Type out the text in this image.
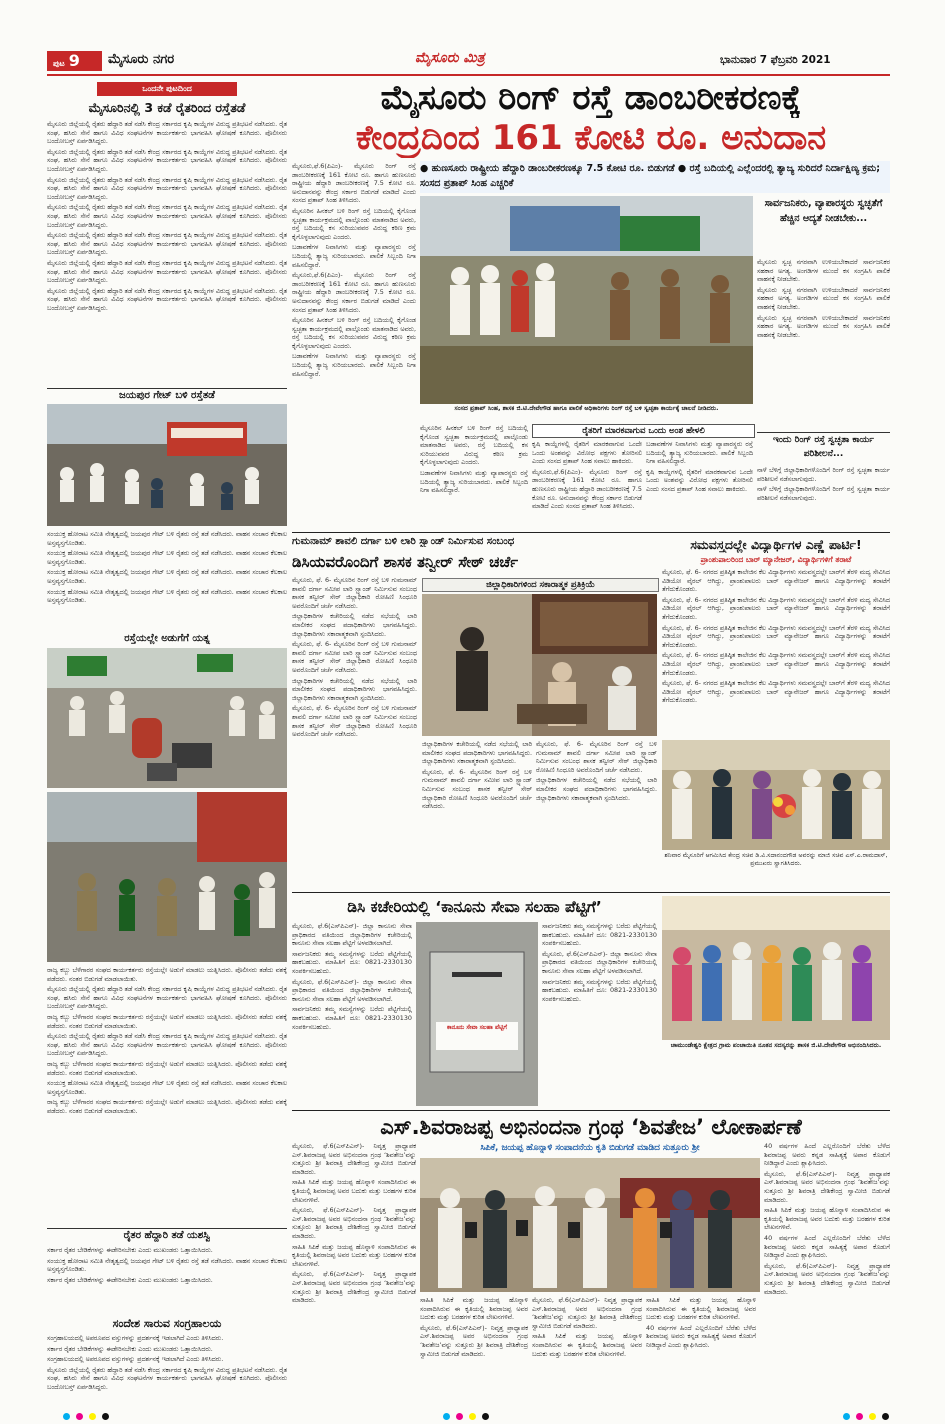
ಪುಟ 9	ಮೈಸೂರು ನಗರ	ಮೈಸೂರು ಮಿತ್ರ	ಭಾನುವಾರ 7 ಫೆಬ್ರವರಿ 2021
ಒಂದನೇ ಪುಟದಿಂದ
ಮೈಸೂರಿನಲ್ಲಿ 3 ಕಡೆ ರೈತರಿಂದ ರಸ್ತೆತಡೆ

ಮೈಸೂರು ಜಿಲ್ಲೆಯಲ್ಲಿ ರೈತರು ಹೆದ್ದಾರಿ ತಡೆ ನಡೆಸಿ ಕೇಂದ್ರ ಸರ್ಕಾರದ ಕೃಷಿ ಕಾಯ್ದೆಗಳ ವಿರುದ್ಧ ಪ್ರತಿಭಟನೆ ನಡೆಸಿದರು. ರೈತ ಸಂಘ, ಹಸಿರು ಸೇನೆ ಹಾಗೂ ವಿವಿಧ ಸಂಘಟನೆಗಳ ಕಾರ್ಯಕರ್ತರು ಭಾಗವಹಿಸಿ ಘೋಷಣೆ ಕೂಗಿದರು. ಪೊಲೀಸರು ಬಂದೋಬಸ್ತ್ ಏರ್ಪಡಿಸಿದ್ದರು.

ಮೈಸೂರು ಜಿಲ್ಲೆಯಲ್ಲಿ ರೈತರು ಹೆದ್ದಾರಿ ತಡೆ ನಡೆಸಿ ಕೇಂದ್ರ ಸರ್ಕಾರದ ಕೃಷಿ ಕಾಯ್ದೆಗಳ ವಿರುದ್ಧ ಪ್ರತಿಭಟನೆ ನಡೆಸಿದರು. ರೈತ ಸಂಘ, ಹಸಿರು ಸೇನೆ ಹಾಗೂ ವಿವಿಧ ಸಂಘಟನೆಗಳ ಕಾರ್ಯಕರ್ತರು ಭಾಗವಹಿಸಿ ಘೋಷಣೆ ಕೂಗಿದರು. ಪೊಲೀಸರು ಬಂದೋಬಸ್ತ್ ಏರ್ಪಡಿಸಿದ್ದರು.

ಮೈಸೂರು ಜಿಲ್ಲೆಯಲ್ಲಿ ರೈತರು ಹೆದ್ದಾರಿ ತಡೆ ನಡೆಸಿ ಕೇಂದ್ರ ಸರ್ಕಾರದ ಕೃಷಿ ಕಾಯ್ದೆಗಳ ವಿರುದ್ಧ ಪ್ರತಿಭಟನೆ ನಡೆಸಿದರು. ರೈತ ಸಂಘ, ಹಸಿರು ಸೇನೆ ಹಾಗೂ ವಿವಿಧ ಸಂಘಟನೆಗಳ ಕಾರ್ಯಕರ್ತರು ಭಾಗವಹಿಸಿ ಘೋಷಣೆ ಕೂಗಿದರು. ಪೊಲೀಸರು ಬಂದೋಬಸ್ತ್ ಏರ್ಪಡಿಸಿದ್ದರು.

ಮೈಸೂರು ಜಿಲ್ಲೆಯಲ್ಲಿ ರೈತರು ಹೆದ್ದಾರಿ ತಡೆ ನಡೆಸಿ ಕೇಂದ್ರ ಸರ್ಕಾರದ ಕೃಷಿ ಕಾಯ್ದೆಗಳ ವಿರುದ್ಧ ಪ್ರತಿಭಟನೆ ನಡೆಸಿದರು. ರೈತ ಸಂಘ, ಹಸಿರು ಸೇನೆ ಹಾಗೂ ವಿವಿಧ ಸಂಘಟನೆಗಳ ಕಾರ್ಯಕರ್ತರು ಭಾಗವಹಿಸಿ ಘೋಷಣೆ ಕೂಗಿದರು. ಪೊಲೀಸರು ಬಂದೋಬಸ್ತ್ ಏರ್ಪಡಿಸಿದ್ದರು.

ಮೈಸೂರು ಜಿಲ್ಲೆಯಲ್ಲಿ ರೈತರು ಹೆದ್ದಾರಿ ತಡೆ ನಡೆಸಿ ಕೇಂದ್ರ ಸರ್ಕಾರದ ಕೃಷಿ ಕಾಯ್ದೆಗಳ ವಿರುದ್ಧ ಪ್ರತಿಭಟನೆ ನಡೆಸಿದರು. ರೈತ ಸಂಘ, ಹಸಿರು ಸೇನೆ ಹಾಗೂ ವಿವಿಧ ಸಂಘಟನೆಗಳ ಕಾರ್ಯಕರ್ತರು ಭಾಗವಹಿಸಿ ಘೋಷಣೆ ಕೂಗಿದರು. ಪೊಲೀಸರು ಬಂದೋಬಸ್ತ್ ಏರ್ಪಡಿಸಿದ್ದರು.

ಮೈಸೂರು ಜಿಲ್ಲೆಯಲ್ಲಿ ರೈತರು ಹೆದ್ದಾರಿ ತಡೆ ನಡೆಸಿ ಕೇಂದ್ರ ಸರ್ಕಾರದ ಕೃಷಿ ಕಾಯ್ದೆಗಳ ವಿರುದ್ಧ ಪ್ರತಿಭಟನೆ ನಡೆಸಿದರು. ರೈತ ಸಂಘ, ಹಸಿರು ಸೇನೆ ಹಾಗೂ ವಿವಿಧ ಸಂಘಟನೆಗಳ ಕಾರ್ಯಕರ್ತರು ಭಾಗವಹಿಸಿ ಘೋಷಣೆ ಕೂಗಿದರು. ಪೊಲೀಸರು ಬಂದೋಬಸ್ತ್ ಏರ್ಪಡಿಸಿದ್ದರು.

ಮೈಸೂರು ಜಿಲ್ಲೆಯಲ್ಲಿ ರೈತರು ಹೆದ್ದಾರಿ ತಡೆ ನಡೆಸಿ ಕೇಂದ್ರ ಸರ್ಕಾರದ ಕೃಷಿ ಕಾಯ್ದೆಗಳ ವಿರುದ್ಧ ಪ್ರತಿಭಟನೆ ನಡೆಸಿದರು. ರೈತ ಸಂಘ, ಹಸಿರು ಸೇನೆ ಹಾಗೂ ವಿವಿಧ ಸಂಘಟನೆಗಳ ಕಾರ್ಯಕರ್ತರು ಭಾಗವಹಿಸಿ ಘೋಷಣೆ ಕೂಗಿದರು. ಪೊಲೀಸರು ಬಂದೋಬಸ್ತ್ ಏರ್ಪಡಿಸಿದ್ದರು.

ಜಯಪುರ ಗೇಟ್ ಬಳಿ ರಸ್ತೆತಡೆ

ಸಂಯುಕ್ತ ಹೋರಾಟ ಸಮಿತಿ ನೇತೃತ್ವದಲ್ಲಿ ಜಯಪುರ ಗೇಟ್ ಬಳಿ ರೈತರು ರಸ್ತೆ ತಡೆ ನಡೆಸಿದರು. ವಾಹನ ಸಂಚಾರ ಕೆಲಕಾಲ ಅಸ್ತವ್ಯಸ್ತಗೊಂಡಿತು.

ಸಂಯುಕ್ತ ಹೋರಾಟ ಸಮಿತಿ ನೇತೃತ್ವದಲ್ಲಿ ಜಯಪುರ ಗೇಟ್ ಬಳಿ ರೈತರು ರಸ್ತೆ ತಡೆ ನಡೆಸಿದರು. ವಾಹನ ಸಂಚಾರ ಕೆಲಕಾಲ ಅಸ್ತವ್ಯಸ್ತಗೊಂಡಿತು.

ಸಂಯುಕ್ತ ಹೋರಾಟ ಸಮಿತಿ ನೇತೃತ್ವದಲ್ಲಿ ಜಯಪುರ ಗೇಟ್ ಬಳಿ ರೈತರು ರಸ್ತೆ ತಡೆ ನಡೆಸಿದರು. ವಾಹನ ಸಂಚಾರ ಕೆಲಕಾಲ ಅಸ್ತವ್ಯಸ್ತಗೊಂಡಿತು.

ಸಂಯುಕ್ತ ಹೋರಾಟ ಸಮಿತಿ ನೇತೃತ್ವದಲ್ಲಿ ಜಯಪುರ ಗೇಟ್ ಬಳಿ ರೈತರು ರಸ್ತೆ ತಡೆ ನಡೆಸಿದರು. ವಾಹನ ಸಂಚಾರ ಕೆಲಕಾಲ ಅಸ್ತವ್ಯಸ್ತಗೊಂಡಿತು.

ರಸ್ತೆಯಲ್ಲೇ ಅಡುಗೆಗೆ ಯತ್ನ

ರಾಜ್ಯ ಕಬ್ಬು ಬೆಳೆಗಾರರ ಸಂಘದ ಕಾರ್ಯಕರ್ತರು ರಸ್ತೆಯಲ್ಲೇ ಅಡುಗೆ ಮಾಡಲು ಯತ್ನಿಸಿದರು. ಪೊಲೀಸರು ತಡೆದು ವಶಕ್ಕೆ ಪಡೆದರು. ನಂತರ ಬಿಡುಗಡೆ ಮಾಡಲಾಯಿತು.

ಮೈಸೂರು ಜಿಲ್ಲೆಯಲ್ಲಿ ರೈತರು ಹೆದ್ದಾರಿ ತಡೆ ನಡೆಸಿ ಕೇಂದ್ರ ಸರ್ಕಾರದ ಕೃಷಿ ಕಾಯ್ದೆಗಳ ವಿರುದ್ಧ ಪ್ರತಿಭಟನೆ ನಡೆಸಿದರು. ರೈತ ಸಂಘ, ಹಸಿರು ಸೇನೆ ಹಾಗೂ ವಿವಿಧ ಸಂಘಟನೆಗಳ ಕಾರ್ಯಕರ್ತರು ಭಾಗವಹಿಸಿ ಘೋಷಣೆ ಕೂಗಿದರು. ಪೊಲೀಸರು ಬಂದೋಬಸ್ತ್ ಏರ್ಪಡಿಸಿದ್ದರು.

ರಾಜ್ಯ ಕಬ್ಬು ಬೆಳೆಗಾರರ ಸಂಘದ ಕಾರ್ಯಕರ್ತರು ರಸ್ತೆಯಲ್ಲೇ ಅಡುಗೆ ಮಾಡಲು ಯತ್ನಿಸಿದರು. ಪೊಲೀಸರು ತಡೆದು ವಶಕ್ಕೆ ಪಡೆದರು. ನಂತರ ಬಿಡುಗಡೆ ಮಾಡಲಾಯಿತು.

ಮೈಸೂರು ಜಿಲ್ಲೆಯಲ್ಲಿ ರೈತರು ಹೆದ್ದಾರಿ ತಡೆ ನಡೆಸಿ ಕೇಂದ್ರ ಸರ್ಕಾರದ ಕೃಷಿ ಕಾಯ್ದೆಗಳ ವಿರುದ್ಧ ಪ್ರತಿಭಟನೆ ನಡೆಸಿದರು. ರೈತ ಸಂಘ, ಹಸಿರು ಸೇನೆ ಹಾಗೂ ವಿವಿಧ ಸಂಘಟನೆಗಳ ಕಾರ್ಯಕರ್ತರು ಭಾಗವಹಿಸಿ ಘೋಷಣೆ ಕೂಗಿದರು. ಪೊಲೀಸರು ಬಂದೋಬಸ್ತ್ ಏರ್ಪಡಿಸಿದ್ದರು.

ರಾಜ್ಯ ಕಬ್ಬು ಬೆಳೆಗಾರರ ಸಂಘದ ಕಾರ್ಯಕರ್ತರು ರಸ್ತೆಯಲ್ಲೇ ಅಡುಗೆ ಮಾಡಲು ಯತ್ನಿಸಿದರು. ಪೊಲೀಸರು ತಡೆದು ವಶಕ್ಕೆ ಪಡೆದರು. ನಂತರ ಬಿಡುಗಡೆ ಮಾಡಲಾಯಿತು.

ಸಂಯುಕ್ತ ಹೋರಾಟ ಸಮಿತಿ ನೇತೃತ್ವದಲ್ಲಿ ಜಯಪುರ ಗೇಟ್ ಬಳಿ ರೈತರು ರಸ್ತೆ ತಡೆ ನಡೆಸಿದರು. ವಾಹನ ಸಂಚಾರ ಕೆಲಕಾಲ ಅಸ್ತವ್ಯಸ್ತಗೊಂಡಿತು.

ರಾಜ್ಯ ಕಬ್ಬು ಬೆಳೆಗಾರರ ಸಂಘದ ಕಾರ್ಯಕರ್ತರು ರಸ್ತೆಯಲ್ಲೇ ಅಡುಗೆ ಮಾಡಲು ಯತ್ನಿಸಿದರು. ಪೊಲೀಸರು ತಡೆದು ವಶಕ್ಕೆ ಪಡೆದರು. ನಂತರ ಬಿಡುಗಡೆ ಮಾಡಲಾಯಿತು.

ರೈತರ ಹೆದ್ದಾರಿ ತಡೆ ಯಶಸ್ವಿ

ಸರ್ಕಾರ ರೈತರ ಬೇಡಿಕೆಗಳನ್ನು ಈಡೇರಿಸಬೇಕು ಎಂದು ಮುಖಂಡರು ಒತ್ತಾಯಿಸಿದರು.

ಸಂಯುಕ್ತ ಹೋರಾಟ ಸಮಿತಿ ನೇತೃತ್ವದಲ್ಲಿ ಜಯಪುರ ಗೇಟ್ ಬಳಿ ರೈತರು ರಸ್ತೆ ತಡೆ ನಡೆಸಿದರು. ವಾಹನ ಸಂಚಾರ ಕೆಲಕಾಲ ಅಸ್ತವ್ಯಸ್ತಗೊಂಡಿತು.

ಸರ್ಕಾರ ರೈತರ ಬೇಡಿಕೆಗಳನ್ನು ಈಡೇರಿಸಬೇಕು ಎಂದು ಮುಖಂಡರು ಒತ್ತಾಯಿಸಿದರು.

ಸಂದೇಶ ಸಾರುವ ಸಂಗ್ರಹಾಲಯ

ಸಂಗ್ರಹಾಲಯದಲ್ಲಿ ಅಪರೂಪದ ವಸ್ತುಗಳನ್ನು ಪ್ರದರ್ಶನಕ್ಕೆ ಇಡಲಾಗಿದೆ ಎಂದು ತಿಳಿಸಿದರು.

ಸರ್ಕಾರ ರೈತರ ಬೇಡಿಕೆಗಳನ್ನು ಈಡೇರಿಸಬೇಕು ಎಂದು ಮುಖಂಡರು ಒತ್ತಾಯಿಸಿದರು.

ಸಂಗ್ರಹಾಲಯದಲ್ಲಿ ಅಪರೂಪದ ವಸ್ತುಗಳನ್ನು ಪ್ರದರ್ಶನಕ್ಕೆ ಇಡಲಾಗಿದೆ ಎಂದು ತಿಳಿಸಿದರು.

ಮೈಸೂರು ಜಿಲ್ಲೆಯಲ್ಲಿ ರೈತರು ಹೆದ್ದಾರಿ ತಡೆ ನಡೆಸಿ ಕೇಂದ್ರ ಸರ್ಕಾರದ ಕೃಷಿ ಕಾಯ್ದೆಗಳ ವಿರುದ್ಧ ಪ್ರತಿಭಟನೆ ನಡೆಸಿದರು. ರೈತ ಸಂಘ, ಹಸಿರು ಸೇನೆ ಹಾಗೂ ವಿವಿಧ ಸಂಘಟನೆಗಳ ಕಾರ್ಯಕರ್ತರು ಭಾಗವಹಿಸಿ ಘೋಷಣೆ ಕೂಗಿದರು. ಪೊಲೀಸರು ಬಂದೋಬಸ್ತ್ ಏರ್ಪಡಿಸಿದ್ದರು.

ಮೈಸೂರು ರಿಂಗ್ ರಸ್ತೆ ಡಾಂಬರೀಕರಣಕ್ಕೆ
ಕೇಂದ್ರದಿಂದ 161 ಕೋಟಿ ರೂ. ಅನುದಾನ
● ಹುಣಸೂರು ರಾಷ್ಟ್ರೀಯ ಹೆದ್ದಾರಿ ಡಾಂಬರೀಕರಣಕ್ಕೂ 7.5 ಕೋಟಿ ರೂ. ಬಿಡುಗಡೆ ● ರಸ್ತೆ ಬದಿಯಲ್ಲಿ ಎಲ್ಲೆಂದರಲ್ಲಿ ತ್ಯಾಜ್ಯ ಸುರಿದರೆ ನಿರ್ದಾಕ್ಷಿಣ್ಯ ಕ್ರಮ; ಸಂಸದ ಪ್ರತಾಪ್ ಸಿಂಹ ಎಚ್ಚರಿಕೆ

ಮೈಸೂರು,ಫೆ.6(ಪಿಎಂ)- ಮೈಸೂರು ರಿಂಗ್ ರಸ್ತೆ ಡಾಂಬರೀಕರಣಕ್ಕೆ 161 ಕೋಟಿ ರೂ. ಹಾಗೂ ಹುಣಸೂರು ರಾಷ್ಟ್ರೀಯ ಹೆದ್ದಾರಿ ಡಾಂಬರೀಕರಣಕ್ಕೆ 7.5 ಕೋಟಿ ರೂ. ಅನುದಾನವನ್ನು ಕೇಂದ್ರ ಸರ್ಕಾರ ಬಿಡುಗಡೆ ಮಾಡಿದೆ ಎಂದು ಸಂಸದ ಪ್ರತಾಪ್ ಸಿಂಹ ತಿಳಿಸಿದರು.

ಮೈಸೂರಿನ ಹಿನಕಲ್ ಬಳಿ ರಿಂಗ್ ರಸ್ತೆ ಬದಿಯಲ್ಲಿ ಕೈಗೊಂಡ ಸ್ವಚ್ಛತಾ ಕಾರ್ಯಕ್ರಮದಲ್ಲಿ ಪಾಲ್ಗೊಂಡು ಮಾತನಾಡಿದ ಅವರು, ರಸ್ತೆ ಬದಿಯಲ್ಲಿ ಕಸ ಸುರಿಯುವವರ ವಿರುದ್ಧ ಕಠಿಣ ಕ್ರಮ ಕೈಗೊಳ್ಳಲಾಗುವುದು ಎಂದರು.

ಬಡಾವಣೆಗಳ ನಿವಾಸಿಗಳು ಮತ್ತು ವ್ಯಾಪಾರಸ್ಥರು ರಸ್ತೆ ಬದಿಯಲ್ಲಿ ತ್ಯಾಜ್ಯ ಸುರಿಯಬಾರದು. ಪಾಲಿಕೆ ಸಿಬ್ಬಂದಿ ನಿಗಾ ವಹಿಸಲಿದ್ದಾರೆ.

ಮೈಸೂರು,ಫೆ.6(ಪಿಎಂ)- ಮೈಸೂರು ರಿಂಗ್ ರಸ್ತೆ ಡಾಂಬರೀಕರಣಕ್ಕೆ 161 ಕೋಟಿ ರೂ. ಹಾಗೂ ಹುಣಸೂರು ರಾಷ್ಟ್ರೀಯ ಹೆದ್ದಾರಿ ಡಾಂಬರೀಕರಣಕ್ಕೆ 7.5 ಕೋಟಿ ರೂ. ಅನುದಾನವನ್ನು ಕೇಂದ್ರ ಸರ್ಕಾರ ಬಿಡುಗಡೆ ಮಾಡಿದೆ ಎಂದು ಸಂಸದ ಪ್ರತಾಪ್ ಸಿಂಹ ತಿಳಿಸಿದರು.

ಮೈಸೂರಿನ ಹಿನಕಲ್ ಬಳಿ ರಿಂಗ್ ರಸ್ತೆ ಬದಿಯಲ್ಲಿ ಕೈಗೊಂಡ ಸ್ವಚ್ಛತಾ ಕಾರ್ಯಕ್ರಮದಲ್ಲಿ ಪಾಲ್ಗೊಂಡು ಮಾತನಾಡಿದ ಅವರು, ರಸ್ತೆ ಬದಿಯಲ್ಲಿ ಕಸ ಸುರಿಯುವವರ ವಿರುದ್ಧ ಕಠಿಣ ಕ್ರಮ ಕೈಗೊಳ್ಳಲಾಗುವುದು ಎಂದರು.

ಬಡಾವಣೆಗಳ ನಿವಾಸಿಗಳು ಮತ್ತು ವ್ಯಾಪಾರಸ್ಥರು ರಸ್ತೆ ಬದಿಯಲ್ಲಿ ತ್ಯಾಜ್ಯ ಸುರಿಯಬಾರದು. ಪಾಲಿಕೆ ಸಿಬ್ಬಂದಿ ನಿಗಾ ವಹಿಸಲಿದ್ದಾರೆ.

ಸಂಸದ ಪ್ರತಾಪ್ ಸಿಂಹ, ಶಾಸಕ ಜಿ.ಟಿ.ದೇವೇಗೌಡ ಹಾಗೂ ಪಾಲಿಕೆ ಅಧಿಕಾರಿಗಳು ರಿಂಗ್ ರಸ್ತೆ ಬಳಿ ಸ್ವಚ್ಛತಾ ಕಾರ್ಯಕ್ಕೆ ಚಾಲನೆ ನೀಡಿದರು.

ಮೈಸೂರಿನ ಹಿನಕಲ್ ಬಳಿ ರಿಂಗ್ ರಸ್ತೆ ಬದಿಯಲ್ಲಿ ಕೈಗೊಂಡ ಸ್ವಚ್ಛತಾ ಕಾರ್ಯಕ್ರಮದಲ್ಲಿ ಪಾಲ್ಗೊಂಡು ಮಾತನಾಡಿದ ಅವರು, ರಸ್ತೆ ಬದಿಯಲ್ಲಿ ಕಸ ಸುರಿಯುವವರ ವಿರುದ್ಧ ಕಠಿಣ ಕ್ರಮ ಕೈಗೊಳ್ಳಲಾಗುವುದು ಎಂದರು.

ಬಡಾವಣೆಗಳ ನಿವಾಸಿಗಳು ಮತ್ತು ವ್ಯಾಪಾರಸ್ಥರು ರಸ್ತೆ ಬದಿಯಲ್ಲಿ ತ್ಯಾಜ್ಯ ಸುರಿಯಬಾರದು. ಪಾಲಿಕೆ ಸಿಬ್ಬಂದಿ ನಿಗಾ ವಹಿಸಲಿದ್ದಾರೆ.

ರೈತರಿಗೆ ಮಾರಕವಾಗುವ ಒಂದು ಅಂಶ ಹೇಳಲಿ

ಕೃಷಿ ಕಾಯ್ದೆಗಳಲ್ಲಿ ರೈತರಿಗೆ ಮಾರಕವಾಗುವ ಒಂದೇ ಒಂದು ಅಂಶವನ್ನು ವಿರೋಧ ಪಕ್ಷಗಳು ತೋರಿಸಲಿ ಎಂದು ಸಂಸದ ಪ್ರತಾಪ್ ಸಿಂಹ ಸವಾಲು ಹಾಕಿದರು.

ಮೈಸೂರು,ಫೆ.6(ಪಿಎಂ)- ಮೈಸೂರು ರಿಂಗ್ ರಸ್ತೆ ಡಾಂಬರೀಕರಣಕ್ಕೆ 161 ಕೋಟಿ ರೂ. ಹಾಗೂ ಹುಣಸೂರು ರಾಷ್ಟ್ರೀಯ ಹೆದ್ದಾರಿ ಡಾಂಬರೀಕರಣಕ್ಕೆ 7.5 ಕೋಟಿ ರೂ. ಅನುದಾನವನ್ನು ಕೇಂದ್ರ ಸರ್ಕಾರ ಬಿಡುಗಡೆ ಮಾಡಿದೆ ಎಂದು ಸಂಸದ ಪ್ರತಾಪ್ ಸಿಂಹ ತಿಳಿಸಿದರು.

ಬಡಾವಣೆಗಳ ನಿವಾಸಿಗಳು ಮತ್ತು ವ್ಯಾಪಾರಸ್ಥರು ರಸ್ತೆ ಬದಿಯಲ್ಲಿ ತ್ಯಾಜ್ಯ ಸುರಿಯಬಾರದು. ಪಾಲಿಕೆ ಸಿಬ್ಬಂದಿ ನಿಗಾ ವಹಿಸಲಿದ್ದಾರೆ.

ಕೃಷಿ ಕಾಯ್ದೆಗಳಲ್ಲಿ ರೈತರಿಗೆ ಮಾರಕವಾಗುವ ಒಂದೇ ಒಂದು ಅಂಶವನ್ನು ವಿರೋಧ ಪಕ್ಷಗಳು ತೋರಿಸಲಿ ಎಂದು ಸಂಸದ ಪ್ರತಾಪ್ ಸಿಂಹ ಸವಾಲು ಹಾಕಿದರು.

ಸಾರ್ವಜನಿಕರು, ವ್ಯಾಪಾರಸ್ಥರು ಸ್ವಚ್ಛತೆಗೆ ಹೆಚ್ಚಿನ ಆದ್ಯತೆ ನೀಡಬೇಕು...

ಮೈಸೂರು ಸ್ವಚ್ಛ ನಗರವಾಗಿ ಉಳಿಯಬೇಕಾದರೆ ಸಾರ್ವಜನಿಕರ ಸಹಕಾರ ಅಗತ್ಯ. ಅಂಗಡಿಗಳ ಮುಂದೆ ಕಸ ಸಂಗ್ರಹಿಸಿ ಪಾಲಿಕೆ ವಾಹನಕ್ಕೆ ನೀಡಬೇಕು.

ಮೈಸೂರು ಸ್ವಚ್ಛ ನಗರವಾಗಿ ಉಳಿಯಬೇಕಾದರೆ ಸಾರ್ವಜನಿಕರ ಸಹಕಾರ ಅಗತ್ಯ. ಅಂಗಡಿಗಳ ಮುಂದೆ ಕಸ ಸಂಗ್ರಹಿಸಿ ಪಾಲಿಕೆ ವಾಹನಕ್ಕೆ ನೀಡಬೇಕು.

ಮೈಸೂರು ಸ್ವಚ್ಛ ನಗರವಾಗಿ ಉಳಿಯಬೇಕಾದರೆ ಸಾರ್ವಜನಿಕರ ಸಹಕಾರ ಅಗತ್ಯ. ಅಂಗಡಿಗಳ ಮುಂದೆ ಕಸ ಸಂಗ್ರಹಿಸಿ ಪಾಲಿಕೆ ವಾಹನಕ್ಕೆ ನೀಡಬೇಕು.

ಇಂದು ರಿಂಗ್ ರಸ್ತೆ ಸ್ವಚ್ಛತಾ ಕಾರ್ಯ ಪರಿಶೀಲನೆ...

ನಾಳೆ ಬೆಳಿಗ್ಗೆ ಜಿಲ್ಲಾಧಿಕಾರಿಗಳೊಂದಿಗೆ ರಿಂಗ್ ರಸ್ತೆ ಸ್ವಚ್ಛತಾ ಕಾರ್ಯ ಪರಿಶೀಲನೆ ನಡೆಸಲಾಗುವುದು.

ನಾಳೆ ಬೆಳಿಗ್ಗೆ ಜಿಲ್ಲಾಧಿಕಾರಿಗಳೊಂದಿಗೆ ರಿಂಗ್ ರಸ್ತೆ ಸ್ವಚ್ಛತಾ ಕಾರ್ಯ ಪರಿಶೀಲನೆ ನಡೆಸಲಾಗುವುದು.

ಗುಮನಾಮ್ ಶಾವಲಿ ದರ್ಗಾ ಬಳಿ ಲಾರಿ ಸ್ಟ್ಯಾಂಡ್ ನಿರ್ಮಿಸುವ ಸಂಬಂಧ
ಡಿಸಿಯವರೊಂದಿಗೆ ಶಾಸಕ ತನ್ವೀರ್ ಸೇಠ್ ಚರ್ಚೆ

ಮೈಸೂರು, ಫೆ. 6- ಮೈಸೂರಿನ ರಿಂಗ್ ರಸ್ತೆ ಬಳಿ ಗುಮನಾಮ್ ಶಾವಲಿ ದರ್ಗಾ ಸಮೀಪ ಲಾರಿ ಸ್ಟ್ಯಾಂಡ್ ನಿರ್ಮಿಸುವ ಸಂಬಂಧ ಶಾಸಕ ತನ್ವೀರ್ ಸೇಠ್ ಜಿಲ್ಲಾಧಿಕಾರಿ ರೋಹಿಣಿ ಸಿಂಧೂರಿ ಅವರೊಂದಿಗೆ ಚರ್ಚೆ ನಡೆಸಿದರು.

ಜಿಲ್ಲಾಧಿಕಾರಿಗಳ ಕಚೇರಿಯಲ್ಲಿ ನಡೆದ ಸಭೆಯಲ್ಲಿ ಲಾರಿ ಮಾಲೀಕರ ಸಂಘದ ಪದಾಧಿಕಾರಿಗಳು ಭಾಗವಹಿಸಿದ್ದರು. ಜಿಲ್ಲಾಧಿಕಾರಿಗಳು ಸಕಾರಾತ್ಮಕವಾಗಿ ಸ್ಪಂದಿಸಿದರು.

ಮೈಸೂರು, ಫೆ. 6- ಮೈಸೂರಿನ ರಿಂಗ್ ರಸ್ತೆ ಬಳಿ ಗುಮನಾಮ್ ಶಾವಲಿ ದರ್ಗಾ ಸಮೀಪ ಲಾರಿ ಸ್ಟ್ಯಾಂಡ್ ನಿರ್ಮಿಸುವ ಸಂಬಂಧ ಶಾಸಕ ತನ್ವೀರ್ ಸೇಠ್ ಜಿಲ್ಲಾಧಿಕಾರಿ ರೋಹಿಣಿ ಸಿಂಧೂರಿ ಅವರೊಂದಿಗೆ ಚರ್ಚೆ ನಡೆಸಿದರು.

ಜಿಲ್ಲಾಧಿಕಾರಿಗಳ ಕಚೇರಿಯಲ್ಲಿ ನಡೆದ ಸಭೆಯಲ್ಲಿ ಲಾರಿ ಮಾಲೀಕರ ಸಂಘದ ಪದಾಧಿಕಾರಿಗಳು ಭಾಗವಹಿಸಿದ್ದರು. ಜಿಲ್ಲಾಧಿಕಾರಿಗಳು ಸಕಾರಾತ್ಮಕವಾಗಿ ಸ್ಪಂದಿಸಿದರು.

ಮೈಸೂರು, ಫೆ. 6- ಮೈಸೂರಿನ ರಿಂಗ್ ರಸ್ತೆ ಬಳಿ ಗುಮನಾಮ್ ಶಾವಲಿ ದರ್ಗಾ ಸಮೀಪ ಲಾರಿ ಸ್ಟ್ಯಾಂಡ್ ನಿರ್ಮಿಸುವ ಸಂಬಂಧ ಶಾಸಕ ತನ್ವೀರ್ ಸೇಠ್ ಜಿಲ್ಲಾಧಿಕಾರಿ ರೋಹಿಣಿ ಸಿಂಧೂರಿ ಅವರೊಂದಿಗೆ ಚರ್ಚೆ ನಡೆಸಿದರು.

ಜಿಲ್ಲಾಧಿಕಾರಿಗಳಿಂದ ಸಕಾರಾತ್ಮಕ ಪ್ರತಿಕ್ರಿಯೆ

ಜಿಲ್ಲಾಧಿಕಾರಿಗಳ ಕಚೇರಿಯಲ್ಲಿ ನಡೆದ ಸಭೆಯಲ್ಲಿ ಲಾರಿ ಮಾಲೀಕರ ಸಂಘದ ಪದಾಧಿಕಾರಿಗಳು ಭಾಗವಹಿಸಿದ್ದರು. ಜಿಲ್ಲಾಧಿಕಾರಿಗಳು ಸಕಾರಾತ್ಮಕವಾಗಿ ಸ್ಪಂದಿಸಿದರು.

ಮೈಸೂರು, ಫೆ. 6- ಮೈಸೂರಿನ ರಿಂಗ್ ರಸ್ತೆ ಬಳಿ ಗುಮನಾಮ್ ಶಾವಲಿ ದರ್ಗಾ ಸಮೀಪ ಲಾರಿ ಸ್ಟ್ಯಾಂಡ್ ನಿರ್ಮಿಸುವ ಸಂಬಂಧ ಶಾಸಕ ತನ್ವೀರ್ ಸೇಠ್ ಜಿಲ್ಲಾಧಿಕಾರಿ ರೋಹಿಣಿ ಸಿಂಧೂರಿ ಅವರೊಂದಿಗೆ ಚರ್ಚೆ ನಡೆಸಿದರು.

ಮೈಸೂರು, ಫೆ. 6- ಮೈಸೂರಿನ ರಿಂಗ್ ರಸ್ತೆ ಬಳಿ ಗುಮನಾಮ್ ಶಾವಲಿ ದರ್ಗಾ ಸಮೀಪ ಲಾರಿ ಸ್ಟ್ಯಾಂಡ್ ನಿರ್ಮಿಸುವ ಸಂಬಂಧ ಶಾಸಕ ತನ್ವೀರ್ ಸೇಠ್ ಜಿಲ್ಲಾಧಿಕಾರಿ ರೋಹಿಣಿ ಸಿಂಧೂರಿ ಅವರೊಂದಿಗೆ ಚರ್ಚೆ ನಡೆಸಿದರು.

ಜಿಲ್ಲಾಧಿಕಾರಿಗಳ ಕಚೇರಿಯಲ್ಲಿ ನಡೆದ ಸಭೆಯಲ್ಲಿ ಲಾರಿ ಮಾಲೀಕರ ಸಂಘದ ಪದಾಧಿಕಾರಿಗಳು ಭಾಗವಹಿಸಿದ್ದರು. ಜಿಲ್ಲಾಧಿಕಾರಿಗಳು ಸಕಾರಾತ್ಮಕವಾಗಿ ಸ್ಪಂದಿಸಿದರು.

ಸಮವಸ್ತ್ರದಲ್ಲೇ ವಿದ್ಯಾರ್ಥಿಗಳ ಎಣ್ಣೆ ಪಾರ್ಟಿ!
ಪ್ರಾಂಶುಪಾಲರಿಂದ ಬಾರ್ ಮ್ಯಾನೇಜರ್, ವಿದ್ಯಾರ್ಥಿಗಳಿಗೆ ತರಾಟೆ

ಮೈಸೂರು, ಫೆ. 6- ನಗರದ ಪ್ರತಿಷ್ಠಿತ ಕಾಲೇಜಿನ ಕೆಲ ವಿದ್ಯಾರ್ಥಿಗಳು ಸಮವಸ್ತ್ರದಲ್ಲೇ ಬಾರ್‌ಗೆ ತೆರಳಿ ಮದ್ಯ ಸೇವಿಸಿದ ವಿಡಿಯೋ ವೈರಲ್ ಆಗಿದ್ದು, ಪ್ರಾಂಶುಪಾಲರು ಬಾರ್ ಮ್ಯಾನೇಜರ್ ಹಾಗೂ ವಿದ್ಯಾರ್ಥಿಗಳನ್ನು ತರಾಟೆಗೆ ತೆಗೆದುಕೊಂಡರು.

ಮೈಸೂರು, ಫೆ. 6- ನಗರದ ಪ್ರತಿಷ್ಠಿತ ಕಾಲೇಜಿನ ಕೆಲ ವಿದ್ಯಾರ್ಥಿಗಳು ಸಮವಸ್ತ್ರದಲ್ಲೇ ಬಾರ್‌ಗೆ ತೆರಳಿ ಮದ್ಯ ಸೇವಿಸಿದ ವಿಡಿಯೋ ವೈರಲ್ ಆಗಿದ್ದು, ಪ್ರಾಂಶುಪಾಲರು ಬಾರ್ ಮ್ಯಾನೇಜರ್ ಹಾಗೂ ವಿದ್ಯಾರ್ಥಿಗಳನ್ನು ತರಾಟೆಗೆ ತೆಗೆದುಕೊಂಡರು.

ಮೈಸೂರು, ಫೆ. 6- ನಗರದ ಪ್ರತಿಷ್ಠಿತ ಕಾಲೇಜಿನ ಕೆಲ ವಿದ್ಯಾರ್ಥಿಗಳು ಸಮವಸ್ತ್ರದಲ್ಲೇ ಬಾರ್‌ಗೆ ತೆರಳಿ ಮದ್ಯ ಸೇವಿಸಿದ ವಿಡಿಯೋ ವೈರಲ್ ಆಗಿದ್ದು, ಪ್ರಾಂಶುಪಾಲರು ಬಾರ್ ಮ್ಯಾನೇಜರ್ ಹಾಗೂ ವಿದ್ಯಾರ್ಥಿಗಳನ್ನು ತರಾಟೆಗೆ ತೆಗೆದುಕೊಂಡರು.

ಮೈಸೂರು, ಫೆ. 6- ನಗರದ ಪ್ರತಿಷ್ಠಿತ ಕಾಲೇಜಿನ ಕೆಲ ವಿದ್ಯಾರ್ಥಿಗಳು ಸಮವಸ್ತ್ರದಲ್ಲೇ ಬಾರ್‌ಗೆ ತೆರಳಿ ಮದ್ಯ ಸೇವಿಸಿದ ವಿಡಿಯೋ ವೈರಲ್ ಆಗಿದ್ದು, ಪ್ರಾಂಶುಪಾಲರು ಬಾರ್ ಮ್ಯಾನೇಜರ್ ಹಾಗೂ ವಿದ್ಯಾರ್ಥಿಗಳನ್ನು ತರಾಟೆಗೆ ತೆಗೆದುಕೊಂಡರು.

ಮೈಸೂರು, ಫೆ. 6- ನಗರದ ಪ್ರತಿಷ್ಠಿತ ಕಾಲೇಜಿನ ಕೆಲ ವಿದ್ಯಾರ್ಥಿಗಳು ಸಮವಸ್ತ್ರದಲ್ಲೇ ಬಾರ್‌ಗೆ ತೆರಳಿ ಮದ್ಯ ಸೇವಿಸಿದ ವಿಡಿಯೋ ವೈರಲ್ ಆಗಿದ್ದು, ಪ್ರಾಂಶುಪಾಲರು ಬಾರ್ ಮ್ಯಾನೇಜರ್ ಹಾಗೂ ವಿದ್ಯಾರ್ಥಿಗಳನ್ನು ತರಾಟೆಗೆ ತೆಗೆದುಕೊಂಡರು.

ಶನಿವಾರ ಮೈಸೂರಿಗೆ ಆಗಮಿಸಿದ ಕೇಂದ್ರ ಸಚಿವ ಡಿ.ವಿ.ಸದಾನಂದಗೌಡ ಅವರನ್ನು ಮಾಜಿ ಸಚಿವ ಎಸ್.ಎ.ರಾಮದಾಸ್, ಪ್ರಮುಖರು ಸ್ವಾಗತಿಸಿದರು.
ಡಿಸಿ ಕಚೇರಿಯಲ್ಲಿ ‘ಕಾನೂನು ಸೇವಾ ಸಲಹಾ ಪೆಟ್ಟಿಗೆ’

ಮೈಸೂರು, ಫೆ.6(ಎಸ್‌ಪಿಎನ್)- ಜಿಲ್ಲಾ ಕಾನೂನು ಸೇವಾ ಪ್ರಾಧಿಕಾರದ ವತಿಯಿಂದ ಜಿಲ್ಲಾಧಿಕಾರಿಗಳ ಕಚೇರಿಯಲ್ಲಿ ಕಾನೂನು ಸೇವಾ ಸಲಹಾ ಪೆಟ್ಟಿಗೆ ಅಳವಡಿಸಲಾಗಿದೆ.

ಸಾರ್ವಜನಿಕರು ತಮ್ಮ ಸಮಸ್ಯೆಗಳನ್ನು ಬರೆದು ಪೆಟ್ಟಿಗೆಯಲ್ಲಿ ಹಾಕಬಹುದು. ಮಾಹಿತಿಗೆ ದೂ: 0821-2330130 ಸಂಪರ್ಕಿಸಬಹುದು.

ಮೈಸೂರು, ಫೆ.6(ಎಸ್‌ಪಿಎನ್)- ಜಿಲ್ಲಾ ಕಾನೂನು ಸೇವಾ ಪ್ರಾಧಿಕಾರದ ವತಿಯಿಂದ ಜಿಲ್ಲಾಧಿಕಾರಿಗಳ ಕಚೇರಿಯಲ್ಲಿ ಕಾನೂನು ಸೇವಾ ಸಲಹಾ ಪೆಟ್ಟಿಗೆ ಅಳವಡಿಸಲಾಗಿದೆ.

ಸಾರ್ವಜನಿಕರು ತಮ್ಮ ಸಮಸ್ಯೆಗಳನ್ನು ಬರೆದು ಪೆಟ್ಟಿಗೆಯಲ್ಲಿ ಹಾಕಬಹುದು. ಮಾಹಿತಿಗೆ ದೂ: 0821-2330130 ಸಂಪರ್ಕಿಸಬಹುದು.	ಕಾನೂನು ಸೇವಾ ಸಲಹಾ ಪೆಟ್ಟಿಗೆ

ಸಾರ್ವಜನಿಕರು ತಮ್ಮ ಸಮಸ್ಯೆಗಳನ್ನು ಬರೆದು ಪೆಟ್ಟಿಗೆಯಲ್ಲಿ ಹಾಕಬಹುದು. ಮಾಹಿತಿಗೆ ದೂ: 0821-2330130 ಸಂಪರ್ಕಿಸಬಹುದು.

ಮೈಸೂರು, ಫೆ.6(ಎಸ್‌ಪಿಎನ್)- ಜಿಲ್ಲಾ ಕಾನೂನು ಸೇವಾ ಪ್ರಾಧಿಕಾರದ ವತಿಯಿಂದ ಜಿಲ್ಲಾಧಿಕಾರಿಗಳ ಕಚೇರಿಯಲ್ಲಿ ಕಾನೂನು ಸೇವಾ ಸಲಹಾ ಪೆಟ್ಟಿಗೆ ಅಳವಡಿಸಲಾಗಿದೆ.

ಸಾರ್ವಜನಿಕರು ತಮ್ಮ ಸಮಸ್ಯೆಗಳನ್ನು ಬರೆದು ಪೆಟ್ಟಿಗೆಯಲ್ಲಿ ಹಾಕಬಹುದು. ಮಾಹಿತಿಗೆ ದೂ: 0821-2330130 ಸಂಪರ್ಕಿಸಬಹುದು.

ಚಾಮುಂಡೇಶ್ವರಿ ಕ್ಷೇತ್ರದ ಗ್ರಾಮ ಪಂಚಾಯಿತಿ ನೂತನ ಸದಸ್ಯರನ್ನು ಶಾಸಕ ಜಿ.ಟಿ.ದೇವೇಗೌಡ ಅಭಿನಂದಿಸಿದರು.
ಎಸ್.ಶಿವರಾಜಪ್ಪ ಅಭಿನಂದನಾ ಗ್ರಂಥ ‘ಶಿವತೇಜ’ ಲೋಕಾರ್ಪಣೆ
ಸಿಪಿಕೆ, ಜಯಪ್ಪ ಹೊನ್ನಾಳಿ ಸಂಪಾದನೆಯ ಕೃತಿ ಬಿಡುಗಡೆ ಮಾಡಿದ ಸುತ್ತೂರು ಶ್ರೀ

ಮೈಸೂರು, ಫೆ.6(ಎಸ್‌ಪಿಎನ್)- ನಿವೃತ್ತ ಪ್ರಾಧ್ಯಾಪಕ ಎಸ್.ಶಿವರಾಜಪ್ಪ ಅವರ ಅಭಿನಂದನಾ ಗ್ರಂಥ ‘ಶಿವತೇಜ’ವನ್ನು ಸುತ್ತೂರು ಶ್ರೀ ಶಿವರಾತ್ರಿ ದೇಶಿಕೇಂದ್ರ ಸ್ವಾಮೀಜಿ ಬಿಡುಗಡೆ ಮಾಡಿದರು.

ಸಾಹಿತಿ ಸಿಪಿಕೆ ಮತ್ತು ಜಯಪ್ಪ ಹೊನ್ನಾಳಿ ಸಂಪಾದಿಸಿರುವ ಈ ಕೃತಿಯಲ್ಲಿ ಶಿವರಾಜಪ್ಪ ಅವರ ಬದುಕು ಮತ್ತು ಬರಹಗಳ ಕುರಿತ ಲೇಖನಗಳಿವೆ.

ಮೈಸೂರು, ಫೆ.6(ಎಸ್‌ಪಿಎನ್)- ನಿವೃತ್ತ ಪ್ರಾಧ್ಯಾಪಕ ಎಸ್.ಶಿವರಾಜಪ್ಪ ಅವರ ಅಭಿನಂದನಾ ಗ್ರಂಥ ‘ಶಿವತೇಜ’ವನ್ನು ಸುತ್ತೂರು ಶ್ರೀ ಶಿವರಾತ್ರಿ ದೇಶಿಕೇಂದ್ರ ಸ್ವಾಮೀಜಿ ಬಿಡುಗಡೆ ಮಾಡಿದರು.

ಸಾಹಿತಿ ಸಿಪಿಕೆ ಮತ್ತು ಜಯಪ್ಪ ಹೊನ್ನಾಳಿ ಸಂಪಾದಿಸಿರುವ ಈ ಕೃತಿಯಲ್ಲಿ ಶಿವರಾಜಪ್ಪ ಅವರ ಬದುಕು ಮತ್ತು ಬರಹಗಳ ಕುರಿತ ಲೇಖನಗಳಿವೆ.

ಮೈಸೂರು, ಫೆ.6(ಎಸ್‌ಪಿಎನ್)- ನಿವೃತ್ತ ಪ್ರಾಧ್ಯಾಪಕ ಎಸ್.ಶಿವರಾಜಪ್ಪ ಅವರ ಅಭಿನಂದನಾ ಗ್ರಂಥ ‘ಶಿವತೇಜ’ವನ್ನು ಸುತ್ತೂರು ಶ್ರೀ ಶಿವರಾತ್ರಿ ದೇಶಿಕೇಂದ್ರ ಸ್ವಾಮೀಜಿ ಬಿಡುಗಡೆ ಮಾಡಿದರು.	ಸಾಹಿತಿ ಸಿಪಿಕೆ ಮತ್ತು ಜಯಪ್ಪ ಹೊನ್ನಾಳಿ ಸಂಪಾದಿಸಿರುವ ಈ ಕೃತಿಯಲ್ಲಿ ಶಿವರಾಜಪ್ಪ ಅವರ ಬದುಕು ಮತ್ತು ಬರಹಗಳ ಕುರಿತ ಲೇಖನಗಳಿವೆ.

ಮೈಸೂರು, ಫೆ.6(ಎಸ್‌ಪಿಎನ್)- ನಿವೃತ್ತ ಪ್ರಾಧ್ಯಾಪಕ ಎಸ್.ಶಿವರಾಜಪ್ಪ ಅವರ ಅಭಿನಂದನಾ ಗ್ರಂಥ ‘ಶಿವತೇಜ’ವನ್ನು ಸುತ್ತೂರು ಶ್ರೀ ಶಿವರಾತ್ರಿ ದೇಶಿಕೇಂದ್ರ ಸ್ವಾಮೀಜಿ ಬಿಡುಗಡೆ ಮಾಡಿದರು.

ಮೈಸೂರು, ಫೆ.6(ಎಸ್‌ಪಿಎನ್)- ನಿವೃತ್ತ ಪ್ರಾಧ್ಯಾಪಕ ಎಸ್.ಶಿವರಾಜಪ್ಪ ಅವರ ಅಭಿನಂದನಾ ಗ್ರಂಥ ‘ಶಿವತೇಜ’ವನ್ನು ಸುತ್ತೂರು ಶ್ರೀ ಶಿವರಾತ್ರಿ ದೇಶಿಕೇಂದ್ರ ಸ್ವಾಮೀಜಿ ಬಿಡುಗಡೆ ಮಾಡಿದರು.

ಸಾಹಿತಿ ಸಿಪಿಕೆ ಮತ್ತು ಜಯಪ್ಪ ಹೊನ್ನಾಳಿ ಸಂಪಾದಿಸಿರುವ ಈ ಕೃತಿಯಲ್ಲಿ ಶಿವರಾಜಪ್ಪ ಅವರ ಬದುಕು ಮತ್ತು ಬರಹಗಳ ಕುರಿತ ಲೇಖನಗಳಿವೆ.

ಸಾಹಿತಿ ಸಿಪಿಕೆ ಮತ್ತು ಜಯಪ್ಪ ಹೊನ್ನಾಳಿ ಸಂಪಾದಿಸಿರುವ ಈ ಕೃತಿಯಲ್ಲಿ ಶಿವರಾಜಪ್ಪ ಅವರ ಬದುಕು ಮತ್ತು ಬರಹಗಳ ಕುರಿತ ಲೇಖನಗಳಿವೆ.

40 ವರ್ಷಗಳ ಹಿಂದೆ ಎಲ್ಲರೊಂದಿಗೆ ಬೆರೆತು ಬೆಳೆದ ಶಿವರಾಜಪ್ಪ ಅವರು ಕನ್ನಡ ಸಾಹಿತ್ಯಕ್ಕೆ ಅಪಾರ ಕೊಡುಗೆ ನೀಡಿದ್ದಾರೆ ಎಂದು ಶ್ಲಾಘಿಸಿದರು.

40 ವರ್ಷಗಳ ಹಿಂದೆ ಎಲ್ಲರೊಂದಿಗೆ ಬೆರೆತು ಬೆಳೆದ ಶಿವರಾಜಪ್ಪ ಅವರು ಕನ್ನಡ ಸಾಹಿತ್ಯಕ್ಕೆ ಅಪಾರ ಕೊಡುಗೆ ನೀಡಿದ್ದಾರೆ ಎಂದು ಶ್ಲಾಘಿಸಿದರು.

ಮೈಸೂರು, ಫೆ.6(ಎಸ್‌ಪಿಎನ್)- ನಿವೃತ್ತ ಪ್ರಾಧ್ಯಾಪಕ ಎಸ್.ಶಿವರಾಜಪ್ಪ ಅವರ ಅಭಿನಂದನಾ ಗ್ರಂಥ ‘ಶಿವತೇಜ’ವನ್ನು ಸುತ್ತೂರು ಶ್ರೀ ಶಿವರಾತ್ರಿ ದೇಶಿಕೇಂದ್ರ ಸ್ವಾಮೀಜಿ ಬಿಡುಗಡೆ ಮಾಡಿದರು.

ಸಾಹಿತಿ ಸಿಪಿಕೆ ಮತ್ತು ಜಯಪ್ಪ ಹೊನ್ನಾಳಿ ಸಂಪಾದಿಸಿರುವ ಈ ಕೃತಿಯಲ್ಲಿ ಶಿವರಾಜಪ್ಪ ಅವರ ಬದುಕು ಮತ್ತು ಬರಹಗಳ ಕುರಿತ ಲೇಖನಗಳಿವೆ.

40 ವರ್ಷಗಳ ಹಿಂದೆ ಎಲ್ಲರೊಂದಿಗೆ ಬೆರೆತು ಬೆಳೆದ ಶಿವರಾಜಪ್ಪ ಅವರು ಕನ್ನಡ ಸಾಹಿತ್ಯಕ್ಕೆ ಅಪಾರ ಕೊಡುಗೆ ನೀಡಿದ್ದಾರೆ ಎಂದು ಶ್ಲಾಘಿಸಿದರು.

ಮೈಸೂರು, ಫೆ.6(ಎಸ್‌ಪಿಎನ್)- ನಿವೃತ್ತ ಪ್ರಾಧ್ಯಾಪಕ ಎಸ್.ಶಿವರಾಜಪ್ಪ ಅವರ ಅಭಿನಂದನಾ ಗ್ರಂಥ ‘ಶಿವತೇಜ’ವನ್ನು ಸುತ್ತೂರು ಶ್ರೀ ಶಿವರಾತ್ರಿ ದೇಶಿಕೇಂದ್ರ ಸ್ವಾಮೀಜಿ ಬಿಡುಗಡೆ ಮಾಡಿದರು.
